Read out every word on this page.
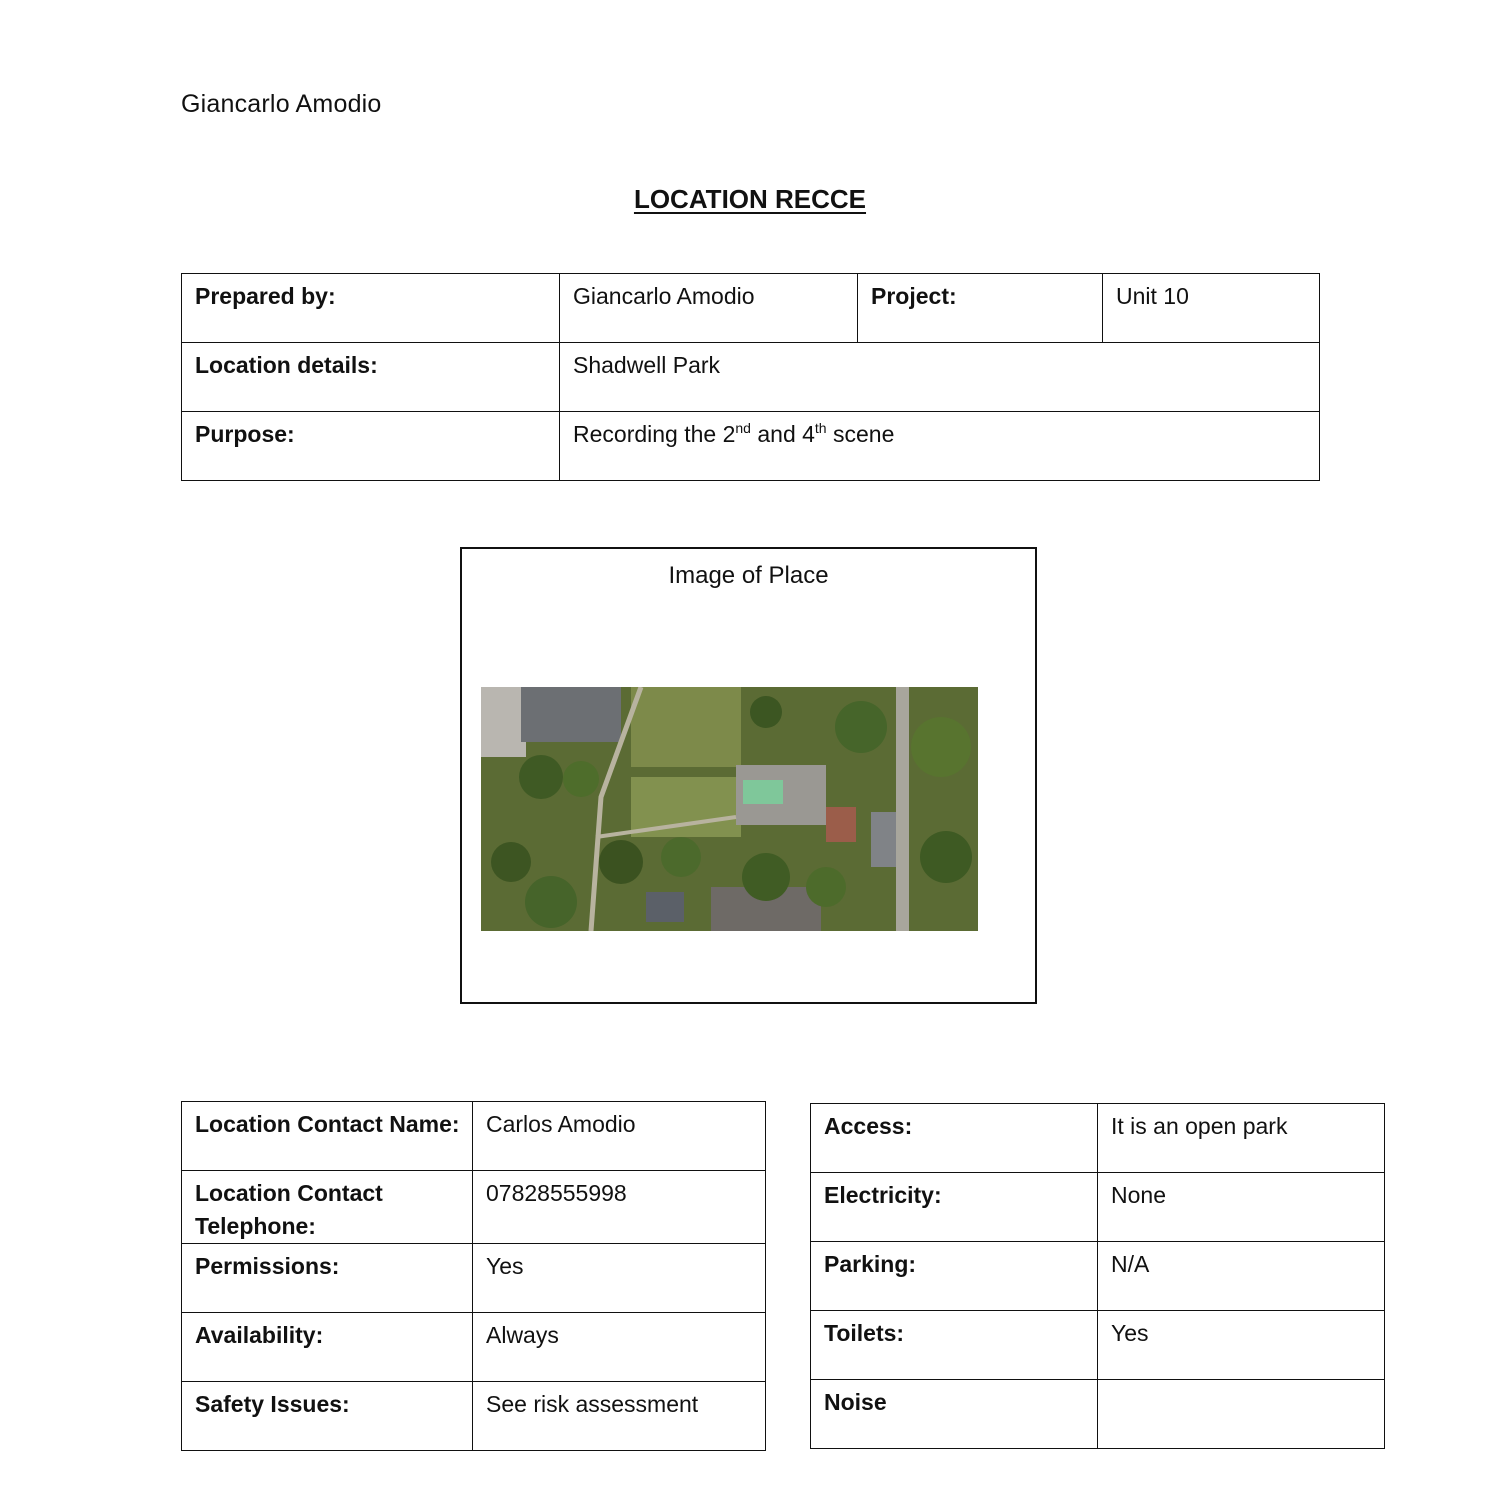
Giancarlo Amodio
LOCATION RECCE
Prepared by:	Giancarlo Amodio	Project:	Unit 10
Location details:	Shadwell Park		
Purpose:	Recording the 2nd and 4th scene		
Image of Place
Location Contact Name:	Carlos Amodio
Location Contact Telephone:	07828555998
Permissions:	Yes
Availability:	Always
Safety Issues:	See risk assessment
Access:	It is an open park
Electricity:	None
Parking:	N/A
Toilets:	Yes
Noise	
